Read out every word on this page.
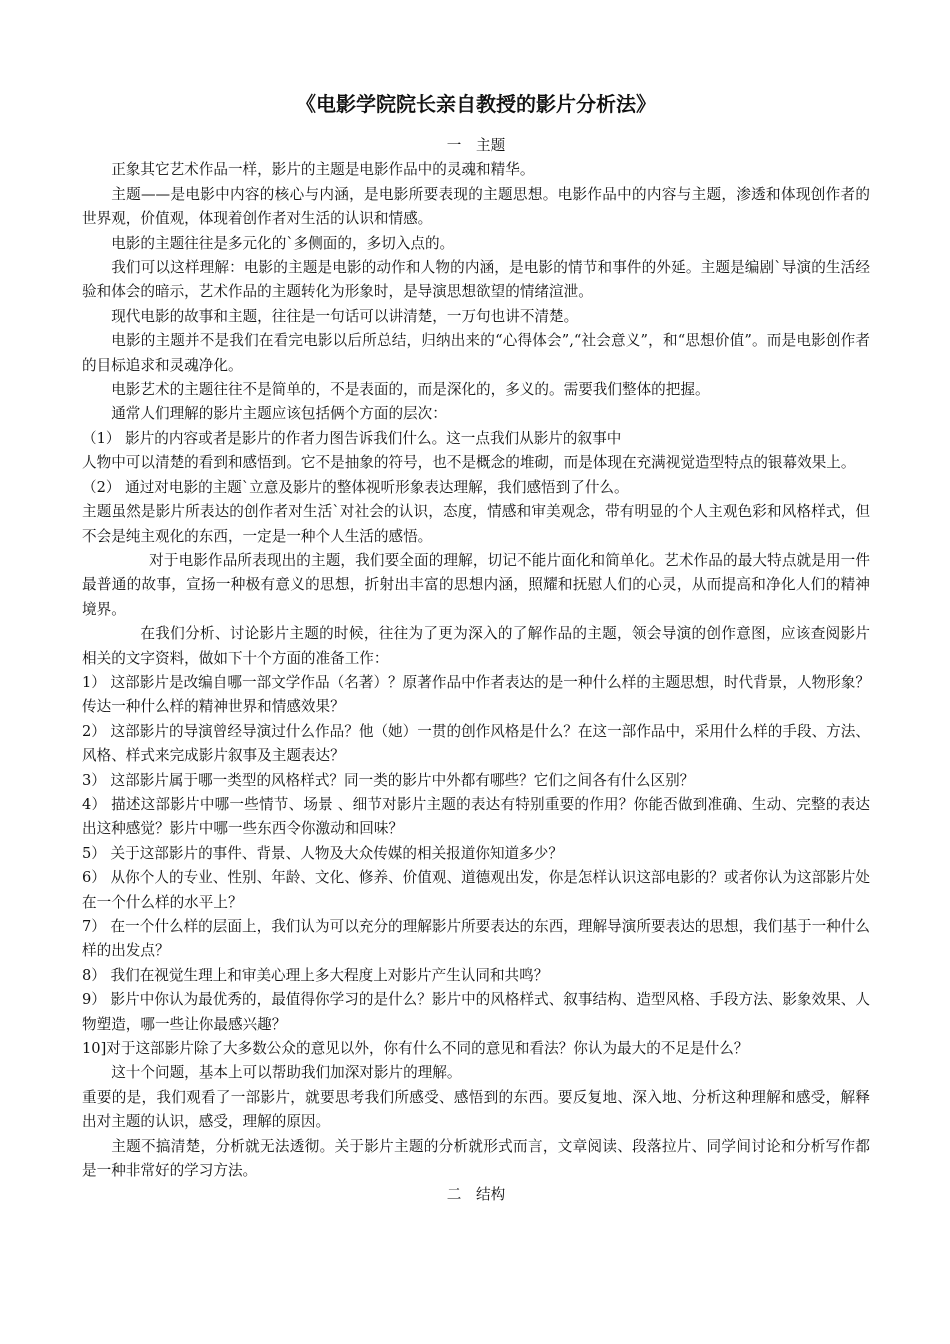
《电影学院院长亲自教授的影片分析法》

一　主题

正象其它艺术作品一样，影片的主题是电影作品中的灵魂和精华。

主题——是电影中内容的核心与内涵，是电影所要表现的主题思想。电影作品中的内容与主题，渗透和体现创作者的世界观，价值观，体现着创作者对生活的认识和情感。

电影的主题往往是多元化的`多侧面的，多切入点的。

我们可以这样理解：电影的主题是电影的动作和人物的内涵，是电影的情节和事件的外延。主题是编剧`导演的生活经验和体会的暗示，艺术作品的主题转化为形象时，是导演思想欲望的情绪渲泄。

现代电影的故事和主题，往往是一句话可以讲清楚，一万句也讲不清楚。

电影的主题并不是我们在看完电影以后所总结，归纳出来的“心得体会”,“社会意义”，和“思想价值”。而是电影创作者的目标追求和灵魂净化。

电影艺术的主题往往不是简单的，不是表面的，而是深化的，多义的。需要我们整体的把握。

通常人们理解的影片主题应该包括俩个方面的层次：

（1） 影片的内容或者是影片的作者力图告诉我们什么。这一点我们从影片的叙事中

人物中可以清楚的看到和感悟到。它不是抽象的符号，也不是概念的堆砌，而是体现在充满视觉造型特点的银幕效果上。

（2） 通过对电影的主题`立意及影片的整体视听形象表达理解，我们感悟到了什么。

主题虽然是影片所表达的创作者对生活`对社会的认识，态度，情感和审美观念，带有明显的个人主观色彩和风格样式，但不会是纯主观化的东西，一定是一种个人生活的感悟。

对于电影作品所表现出的主题，我们要全面的理解，切记不能片面化和简单化。艺术作品的最大特点就是用一件最普通的故事，宣扬一种极有意义的思想，折射出丰富的思想内涵，照耀和抚慰人们的心灵，从而提高和净化人们的精神境界。

在我们分析、讨论影片主题的时候，往往为了更为深入的了解作品的主题，领会导演的创作意图，应该查阅影片相关的文字资料，做如下十个方面的准备工作：

1） 这部影片是改编自哪一部文学作品（名著）？原著作品中作者表达的是一种什么样的主题思想，时代背景，人物形象？传达一种什么样的精神世界和情感效果？

2） 这部影片的导演曾经导演过什么作品？他（她）一贯的创作风格是什么？在这一部作品中，采用什么样的手段、方法、风格、样式来完成影片叙事及主题表达？

3） 这部影片属于哪一类型的风格样式？同一类的影片中外都有哪些？它们之间各有什么区别？

4） 描述这部影片中哪一些情节、场景 、细节对影片主题的表达有特别重要的作用？你能否做到准确、生动、完整的表达出这种感觉？影片中哪一些东西令你激动和回味？

5） 关于这部影片的事件、背景、人物及大众传媒的相关报道你知道多少？

6） 从你个人的专业、性别、年龄、文化、修养、价值观、道德观出发，你是怎样认识这部电影的？或者你认为这部影片处在一个什么样的水平上？

7） 在一个什么样的层面上，我们认为可以充分的理解影片所要表达的东西，理解导演所要表达的思想，我们基于一种什么样的出发点？

8） 我们在视觉生理上和审美心理上多大程度上对影片产生认同和共鸣？

9） 影片中你认为最优秀的，最值得你学习的是什么？影片中的风格样式、叙事结构、造型风格、手段方法、影象效果、人物塑造，哪一些让你最感兴趣？

10]对于这部影片除了大多数公众的意见以外，你有什么不同的意见和看法？你认为最大的不足是什么？

这十个问题，基本上可以帮助我们加深对影片的理解。

重要的是，我们观看了一部影片，就要思考我们所感受、感悟到的东西。要反复地、深入地、分析这种理解和感受，解释出对主题的认识，感受，理解的原因。

主题不搞清楚，分析就无法透彻。关于影片主题的分析就形式而言，文章阅读、段落拉片、同学间讨论和分析写作都是一种非常好的学习方法。

二　结构
